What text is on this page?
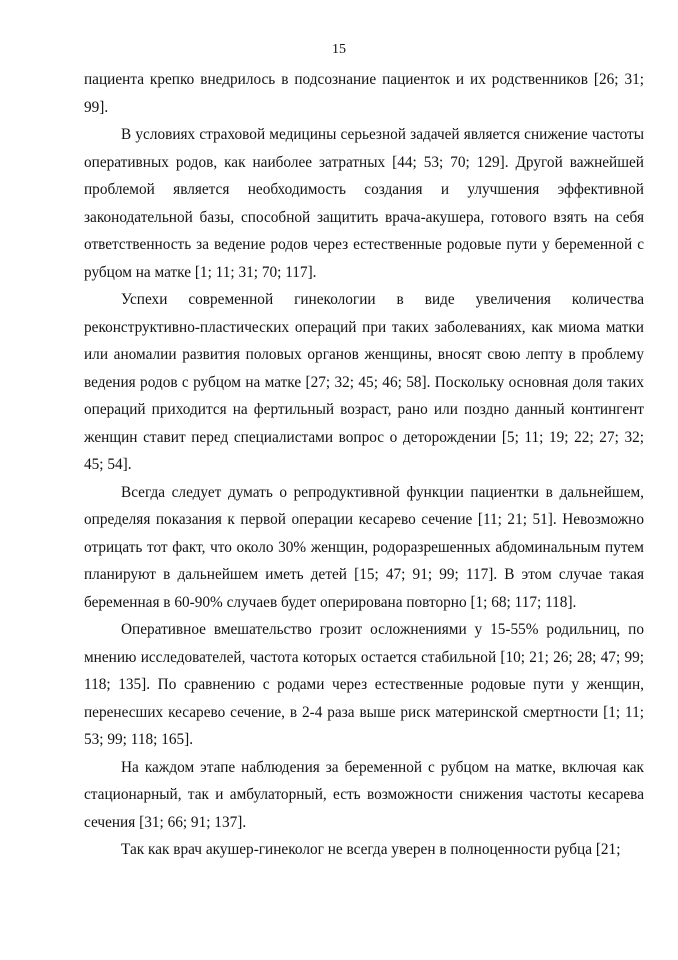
15

пациента крепко внедрилось в подсознание пациенток и их родственников [26; 31; 99].

В условиях страховой медицины серьезной задачей является снижение частоты оперативных родов, как наиболее затратных [44; 53; 70; 129]. Другой важнейшей проблемой является необходимость создания и улучшения эффективной законодательной базы, способной защитить врача-акушера, готового взять на себя ответственность за ведение родов через естественные родовые пути у беременной с рубцом на матке [1; 11; 31; 70; 117].

Успехи современной гинекологии в виде увеличения количества реконструктивно-пластических операций при таких заболеваниях, как миома матки или аномалии развития половых органов женщины, вносят свою лепту в проблему ведения родов с рубцом на матке [27; 32; 45; 46; 58]. Поскольку основная доля таких операций приходится на фертильный возраст, рано или поздно данный контингент женщин ставит перед специалистами вопрос о деторождении [5; 11; 19; 22; 27; 32; 45; 54].

Всегда следует думать о репродуктивной функции пациентки в дальнейшем, определяя показания к первой операции кесарево сечение [11; 21; 51]. Невозможно отрицать тот факт, что около 30% женщин, родоразрешенных абдоминальным путем планируют в дальнейшем иметь детей [15; 47; 91; 99; 117]. В этом случае такая беременная в 60-90% случаев будет оперирована повторно [1; 68; 117; 118].

Оперативное вмешательство грозит осложнениями у 15-55% родильниц, по мнению исследователей, частота которых остается стабильной [10; 21; 26; 28; 47; 99; 118; 135]. По сравнению с родами через естественные родовые пути у женщин, перенесших кесарево сечение, в 2-4 раза выше риск материнской смертности [1; 11; 53; 99; 118; 165].

На каждом этапе наблюдения за беременной с рубцом на матке, включая как стационарный, так и амбулаторный, есть возможности снижения частоты кесарева сечения [31; 66; 91; 137].

Так как врач акушер-гинеколог не всегда уверен в полноценности рубца [21;
